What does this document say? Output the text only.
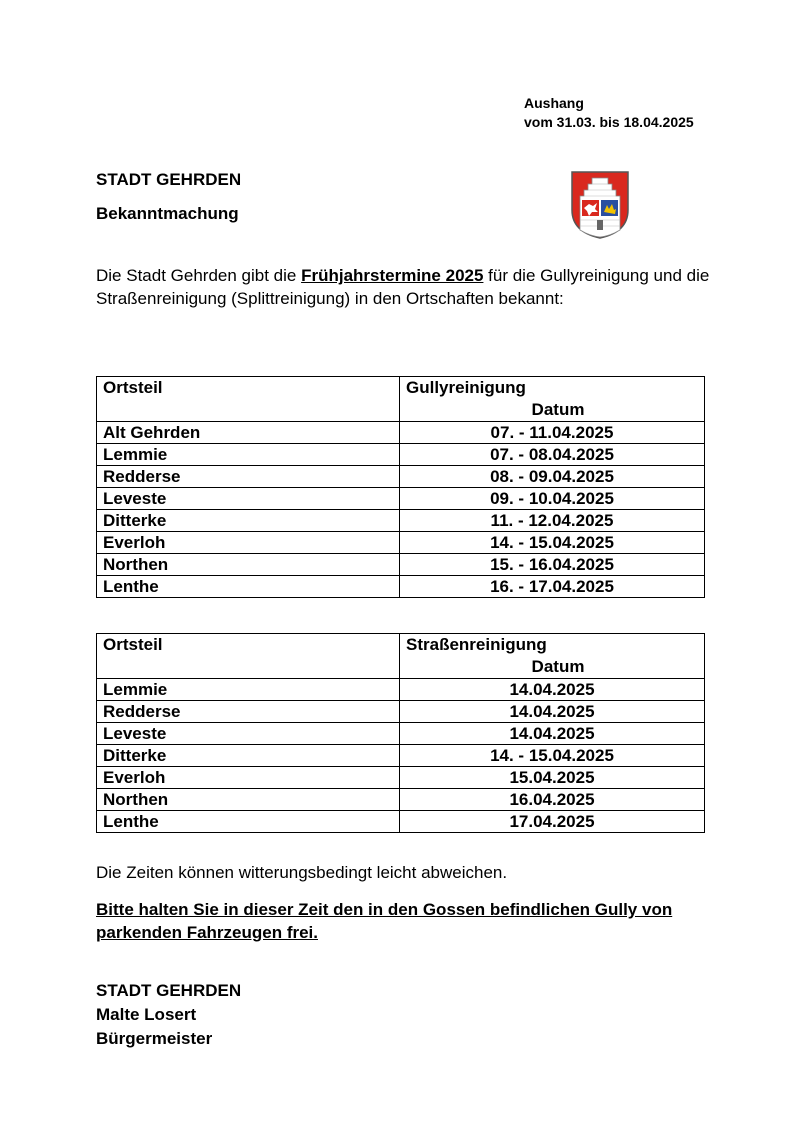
Aushang
vom 31.03. bis 18.04.2025
STADT GEHRDEN
Bekanntmachung
Die Stadt Gehrden gibt die Frühjahrstermine 2025 für die Gullyreinigung und die Straßenreinigung (Splittreinigung) in den Ortschaften bekannt:
Ortsteil	Gullyreinigung
Datum

Alt Gehrden	07. - 11.04.2025
Lemmie	07. - 08.04.2025
Redderse	08. - 09.04.2025
Leveste	09. - 10.04.2025
Ditterke	11. - 12.04.2025
Everloh	14. - 15.04.2025
Northen	15. - 16.04.2025
Lenthe	16. - 17.04.2025
Ortsteil	Straßenreinigung
Datum

Lemmie	14.04.2025
Redderse	14.04.2025
Leveste	14.04.2025
Ditterke	14. - 15.04.2025
Everloh	15.04.2025
Northen	16.04.2025
Lenthe	17.04.2025
Die Zeiten können witterungsbedingt leicht abweichen.
Bitte halten Sie in dieser Zeit den in den Gossen befindlichen Gully von parkenden Fahrzeugen frei.
STADT GEHRDEN
Malte Losert
Bürgermeister
